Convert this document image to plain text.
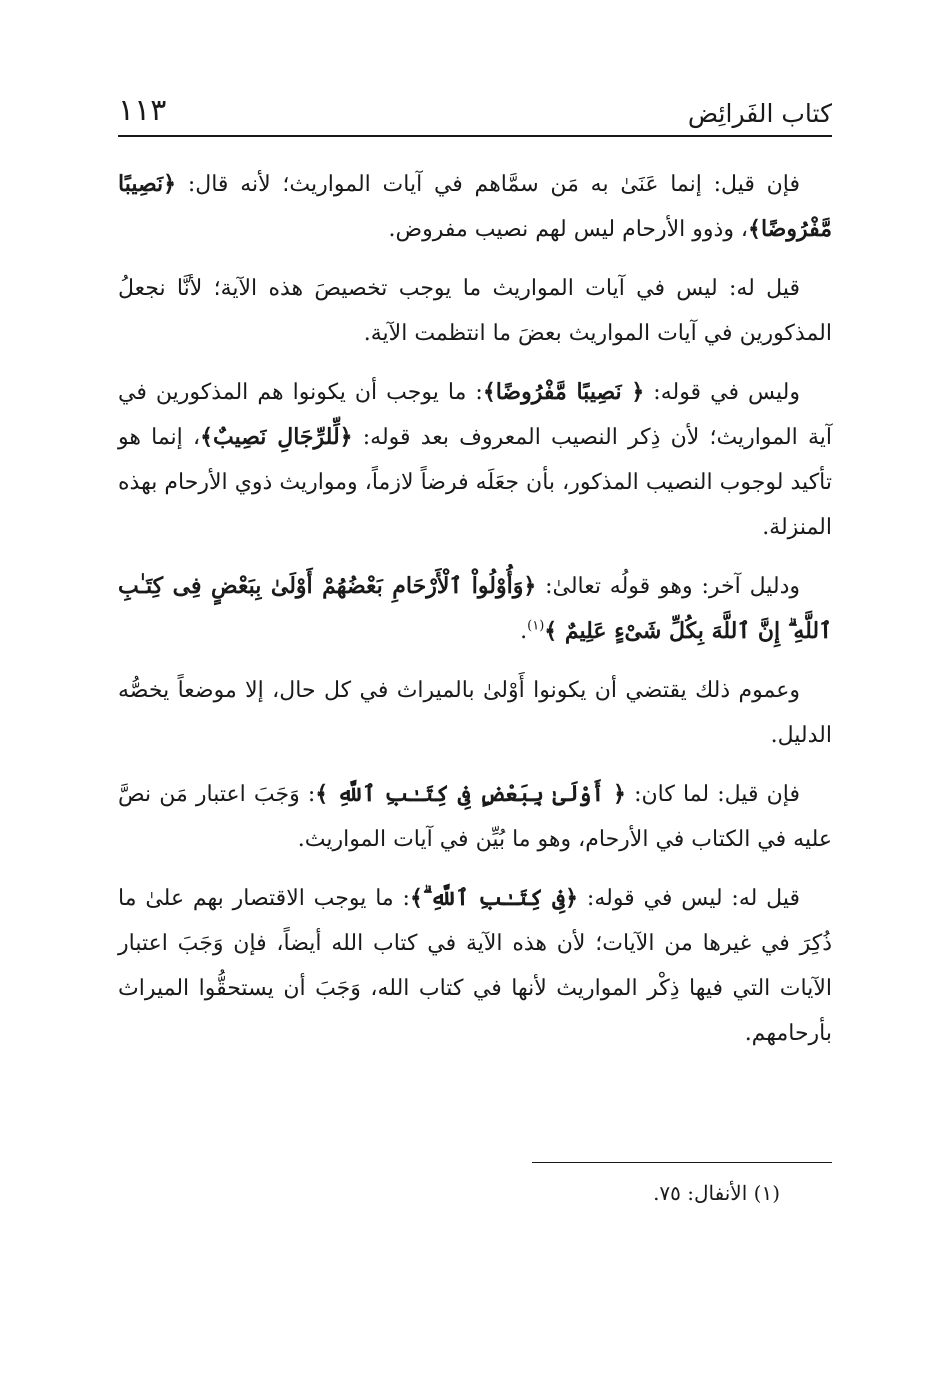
كتاب الفَرائِض
١١٣

فإن قيل: إنما عَنَىٰ به مَن سمَّاهم في آيات المواريث؛ لأنه قال: ﴿نَصِيبًا مَّفْرُوضًا﴾، وذوو الأرحام ليس لهم نصيب مفروض.

قيل له: ليس في آيات المواريث ما يوجب تخصيصَ هذه الآية؛ لأنَّا نجعلُ المذكورين في آيات المواريث بعضَ ما انتظمت الآية.

وليس في قوله: ﴿ نَصِيبًا مَّفْرُوضًا﴾: ما يوجب أن يكونوا هم المذكورين في آية المواريث؛ لأن ذِكر النصيب المعروف بعد قوله: ﴿لِّلرِّجَالِ نَصِيبٌ﴾، إنما هو تأكيد لوجوب النصيب المذكور، بأن جعَلَه فرضاً لازماً، ومواريث ذوي الأرحام بهذه المنزلة.

ودليل آخر: وهو قولُه تعالىٰ: ﴿وَأُوْلُواْ ٱلْأَرْحَامِ بَعْضُهُمْ أَوْلَىٰ بِبَعْضٍ فِى كِتَـٰبِ ٱللَّهِ ۗ إِنَّ ٱللَّهَ بِكُلِّ شَىْءٍ عَلِيمٌ ﴾$^{(١)}$.

وعموم ذلك يقتضي أن يكونوا أَوْلىٰ بالميراث في كل حال، إلا موضعاً يخصُّه الدليل.

فإن قيل: لما كان: ﴿ أَوْلَىٰ بِبَعْضٍ فِى كِتَـٰبِ ٱللَّهِ ﴾: وَجَبَ اعتبار مَن نصَّ عليه في الكتاب في الأرحام، وهو ما بُيِّن في آيات المواريث.

قيل له: ليس في قوله: ﴿فِى كِتَـٰبِ ٱللَّهِ ۗ﴾: ما يوجب الاقتصار بهم علىٰ ما ذُكِرَ في غيرها من الآيات؛ لأن هذه الآية في كتاب الله أيضاً، فإن وَجَبَ اعتبار الآيات التي فيها ذِكْر المواريث لأنها في كتاب الله، وَجَبَ أن يستحقُّوا الميراث بأرحامهم.

(١) الأنفال: ٧٥.
